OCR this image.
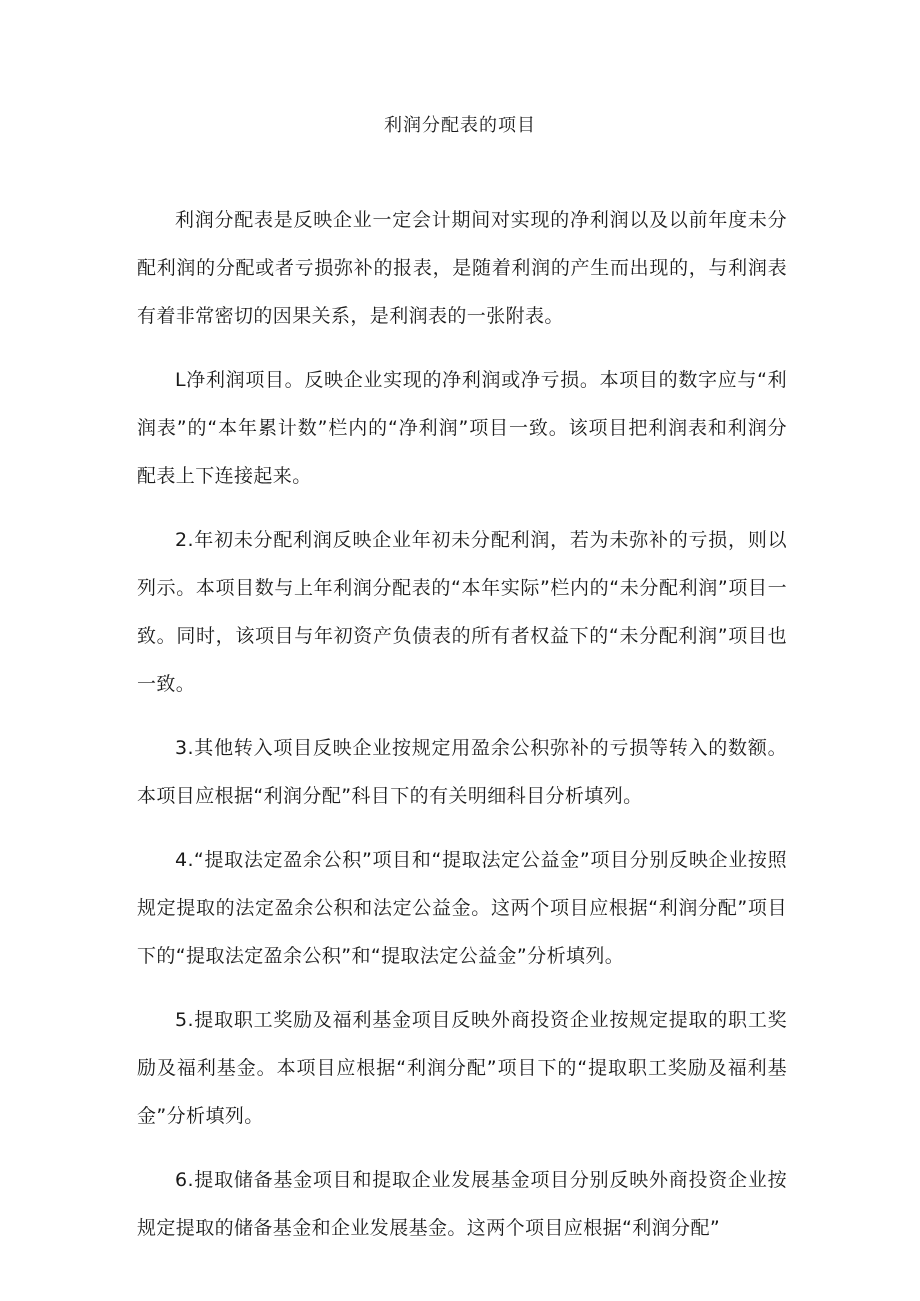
利润分配表的项目

利润分配表是反映企业一定会计期间对实现的净利润以及以前年度未分配利润的分配或者亏损弥补的报表，是随着利润的产生而出现的，与利润表有着非常密切的因果关系，是利润表的一张附表。

L净利润项目。反映企业实现的净利润或净亏损。本项目的数字应与“利润表”的“本年累计数”栏内的“净利润”项目一致。该项目把利润表和利润分配表上下连接起来。

2.年初未分配利润反映企业年初未分配利润，若为未弥补的亏损，则以列示。本项目数与上年利润分配表的“本年实际”栏内的“未分配利润”项目一致。同时，该项目与年初资产负债表的所有者权益下的“未分配利润”项目也一致。

3.其他转入项目反映企业按规定用盈余公积弥补的亏损等转入的数额。本项目应根据“利润分配”科目下的有关明细科目分析填列。

4.“提取法定盈余公积”项目和“提取法定公益金”项目分别反映企业按照规定提取的法定盈余公积和法定公益金。这两个项目应根据“利润分配”项目下的“提取法定盈余公积”和“提取法定公益金”分析填列。

5.提取职工奖励及福利基金项目反映外商投资企业按规定提取的职工奖励及福利基金。本项目应根据“利润分配”项目下的“提取职工奖励及福利基金”分析填列。

6.提取储备基金项目和提取企业发展基金项目分别反映外商投资企业按规定提取的储备基金和企业发展基金。这两个项目应根据“利润分配”
